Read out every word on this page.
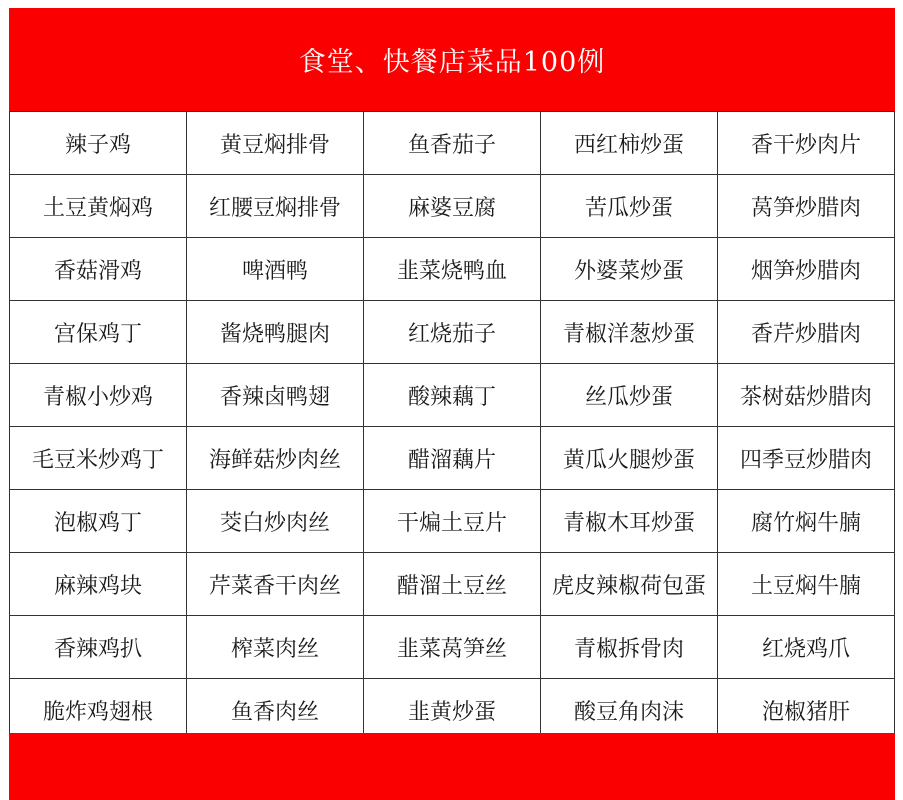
食堂、快餐店菜品100例
辣子鸡	黄豆焖排骨	鱼香茄子	西红柿炒蛋	香干炒肉片
土豆黄焖鸡	红腰豆焖排骨	麻婆豆腐	苦瓜炒蛋	莴笋炒腊肉
香菇滑鸡	啤酒鸭	韭菜烧鸭血	外婆菜炒蛋	烟笋炒腊肉
宫保鸡丁	酱烧鸭腿肉	红烧茄子	青椒洋葱炒蛋	香芹炒腊肉
青椒小炒鸡	香辣卤鸭翅	酸辣藕丁	丝瓜炒蛋	茶树菇炒腊肉
毛豆米炒鸡丁	海鲜菇炒肉丝	醋溜藕片	黄瓜火腿炒蛋	四季豆炒腊肉
泡椒鸡丁	茭白炒肉丝	干煸土豆片	青椒木耳炒蛋	腐竹焖牛腩
麻辣鸡块	芹菜香干肉丝	醋溜土豆丝	虎皮辣椒荷包蛋	土豆焖牛腩
香辣鸡扒	榨菜肉丝	韭菜莴笋丝	青椒拆骨肉	红烧鸡爪
脆炸鸡翅根	鱼香肉丝	韭黄炒蛋	酸豆角肉沫	泡椒猪肝
